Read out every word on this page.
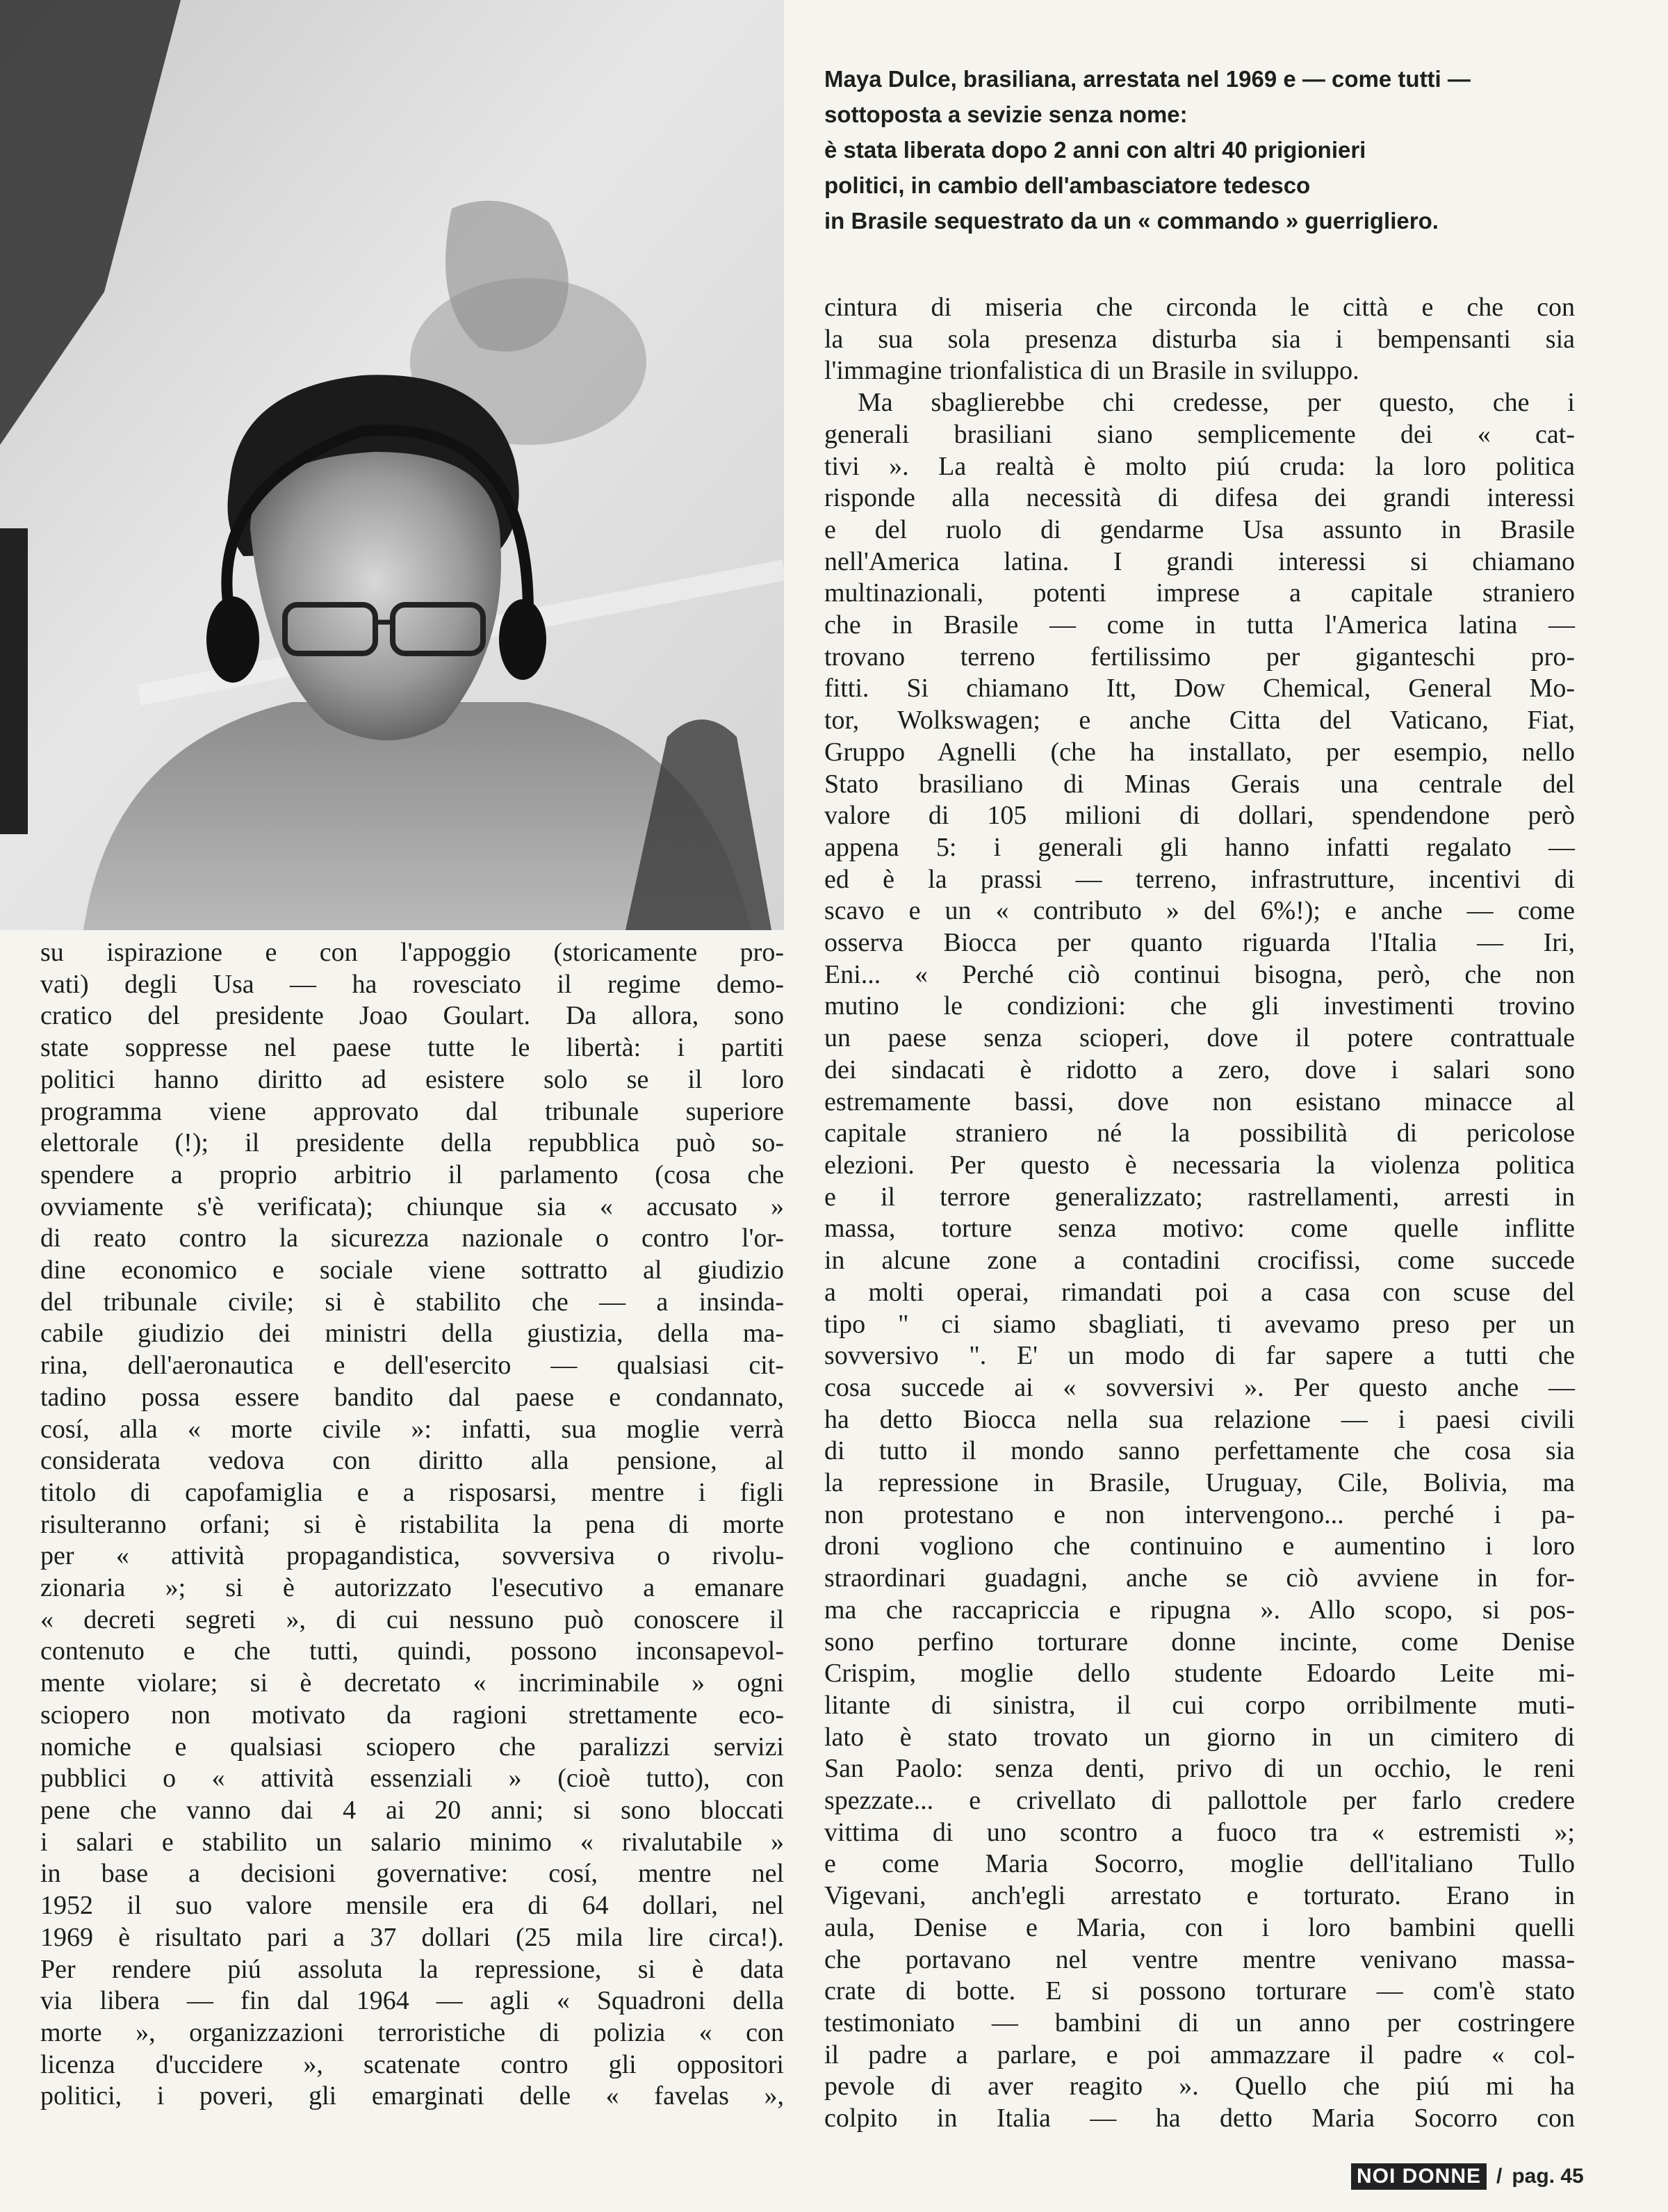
Maya Dulce, brasiliana, arrestata nel 1969 e — come tutti —
sottoposta a sevizie senza nome:
è stata liberata dopo 2 anni con altri 40 prigionieri
politici, in cambio dell'ambasciatore tedesco
in Brasile sequestrato da un « commando » guerrigliero.
su ispirazione e con l'appoggio (storicamente pro-
vati) degli Usa — ha rovesciato il regime demo-
cratico del presidente Joao Goulart. Da allora, sono
state soppresse nel paese tutte le libertà: i partiti
politici hanno diritto ad esistere solo se il loro
programma viene approvato dal tribunale superiore
elettorale (!); il presidente della repubblica può so-
spendere a proprio arbitrio il parlamento (cosa che
ovviamente s'è verificata); chiunque sia « accusato »
di reato contro la sicurezza nazionale o contro l'or-
dine economico e sociale viene sottratto al giudizio
del tribunale civile; si è stabilito che — a insinda-
cabile giudizio dei ministri della giustizia, della ma-
rina, dell'aeronautica e dell'esercito — qualsiasi cit-
tadino possa essere bandito dal paese e condannato,
cosí, alla « morte civile »: infatti, sua moglie verrà
considerata vedova con diritto alla pensione, al
titolo di capofamiglia e a risposarsi, mentre i figli
risulteranno orfani; si è ristabilita la pena di morte
per « attività propagandistica, sovversiva o rivolu-
zionaria »; si è autorizzato l'esecutivo a emanare
« decreti segreti », di cui nessuno può conoscere il
contenuto e che tutti, quindi, possono inconsapevol-
mente violare; si è decretato « incriminabile » ogni
sciopero non motivato da ragioni strettamente eco-
nomiche e qualsiasi sciopero che paralizzi servizi
pubblici o « attività essenziali » (cioè tutto), con
pene che vanno dai 4 ai 20 anni; si sono bloccati
i salari e stabilito un salario minimo « rivalutabile »
in base a decisioni governative: cosí, mentre nel
1952 il suo valore mensile era di 64 dollari, nel
1969 è risultato pari a 37 dollari (25 mila lire circa!).
Per rendere piú assoluta la repressione, si è data
via libera — fin dal 1964 — agli « Squadroni della
morte », organizzazioni terroristiche di polizia « con
licenza d'uccidere », scatenate contro gli oppositori
politici, i poveri, gli emarginati delle « favelas »,
cintura di miseria che circonda le città e che con
la sua sola presenza disturba sia i bempensanti sia
l'immagine trionfalistica di un Brasile in sviluppo.
Ma sbaglierebbe chi credesse, per questo, che i
generali brasiliani siano semplicemente dei « cat-
tivi ». La realtà è molto piú cruda: la loro politica
risponde alla necessità di difesa dei grandi interessi
e del ruolo di gendarme Usa assunto in Brasile
nell'America latina. I grandi interessi si chiamano
multinazionali, potenti imprese a capitale straniero
che in Brasile — come in tutta l'America latina —
trovano terreno fertilissimo per giganteschi pro-
fitti. Si chiamano Itt, Dow Chemical, General Mo-
tor, Wolkswagen; e anche Citta del Vaticano, Fiat,
Gruppo Agnelli (che ha installato, per esempio, nello
Stato brasiliano di Minas Gerais una centrale del
valore di 105 milioni di dollari, spendendone però
appena 5: i generali gli hanno infatti regalato —
ed è la prassi — terreno, infrastrutture, incentivi di
scavo e un « contributo » del 6%!); e anche — come
osserva Biocca per quanto riguarda l'Italia — Iri,
Eni... « Perché ciò continui bisogna, però, che non
mutino le condizioni: che gli investimenti trovino
un paese senza scioperi, dove il potere contrattuale
dei sindacati è ridotto a zero, dove i salari sono
estremamente bassi, dove non esistano minacce al
capitale straniero né la possibilità di pericolose
elezioni. Per questo è necessaria la violenza politica
e il terrore generalizzato; rastrellamenti, arresti in
massa, torture senza motivo: come quelle inflitte
in alcune zone a contadini crocifissi, come succede
a molti operai, rimandati poi a casa con scuse del
tipo " ci siamo sbagliati, ti avevamo preso per un
sovversivo ". E' un modo di far sapere a tutti che
cosa succede ai « sovversivi ». Per questo anche —
ha detto Biocca nella sua relazione — i paesi civili
di tutto il mondo sanno perfettamente che cosa sia
la repressione in Brasile, Uruguay, Cile, Bolivia, ma
non protestano e non intervengono... perché i pa-
droni vogliono che continuino e aumentino i loro
straordinari guadagni, anche se ciò avviene in for-
ma che raccapriccia e ripugna ». Allo scopo, si pos-
sono perfino torturare donne incinte, come Denise
Crispim, moglie dello studente Edoardo Leite mi-
litante di sinistra, il cui corpo orribilmente muti-
lato è stato trovato un giorno in un cimitero di
San Paolo: senza denti, privo di un occhio, le reni
spezzate... e crivellato di pallottole per farlo credere
vittima di uno scontro a fuoco tra « estremisti »;
e come Maria Socorro, moglie dell'italiano Tullo
Vigevani, anch'egli arrestato e torturato. Erano in
aula, Denise e Maria, con i loro bambini quelli
che portavano nel ventre mentre venivano massa-
crate di botte. E si possono torturare — com'è stato
testimoniato — bambini di un anno per costringere
il padre a parlare, e poi ammazzare il padre « col-
pevole di aver reagito ». Quello che piú mi ha
colpito in Italia — ha detto Maria Socorro con
NOI DONNE / pag. 45
